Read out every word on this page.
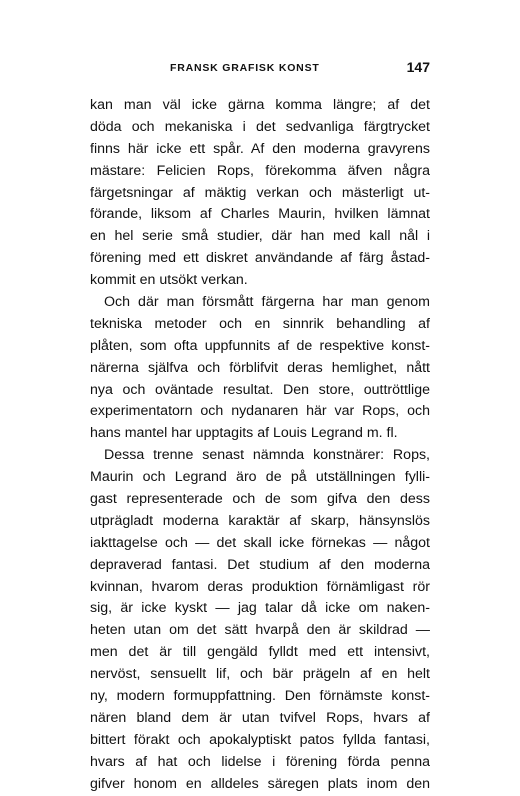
FRANSK GRAFISK KONST	147
kan man väl icke gärna komma längre; af det
döda och mekaniska i det sedvanliga färgtrycket
finns här icke ett spår. Af den moderna gravyrens
mästare: Felicien Rops, förekomma äfven några
färgetsningar af mäktig verkan och mästerligt ut-
förande, liksom af Charles Maurin, hvilken lämnat
en hel serie små studier, där han med kall nål i
förening med ett diskret användande af färg åstad-
kommit en utsökt verkan.
Och där man försmått färgerna har man genom
tekniska metoder och en sinnrik behandling af
plåten, som ofta uppfunnits af de respektive konst-
närerna själfva och förblifvit deras hemlighet, nått
nya och oväntade resultat. Den store, outtröttlige
experimentatorn och nydanaren här var Rops, och
hans mantel har upptagits af Louis Legrand m. fl.
Dessa trenne senast nämnda konstnärer: Rops,
Maurin och Legrand äro de på utställningen fylli-
gast representerade och de som gifva den dess
utprägladt moderna karaktär af skarp, hänsynslös
iakttagelse och — det skall icke förnekas — något
depraverad fantasi. Det studium af den moderna
kvinnan, hvarom deras produktion förnämligast rör
sig, är icke kyskt — jag talar då icke om naken-
heten utan om det sätt hvarpå den är skildrad —
men det är till gengäld fylldt med ett intensivt,
nervöst, sensuellt lif, och bär prägeln af en helt
ny, modern formuppfattning. Den förnämste konst-
nären bland dem är utan tvifvel Rops, hvars af
bittert förakt och apokalyptiskt patos fyllda fantasi,
hvars af hat och lidelse i förening förda penna
gifver honom en alldeles säregen plats inom den
